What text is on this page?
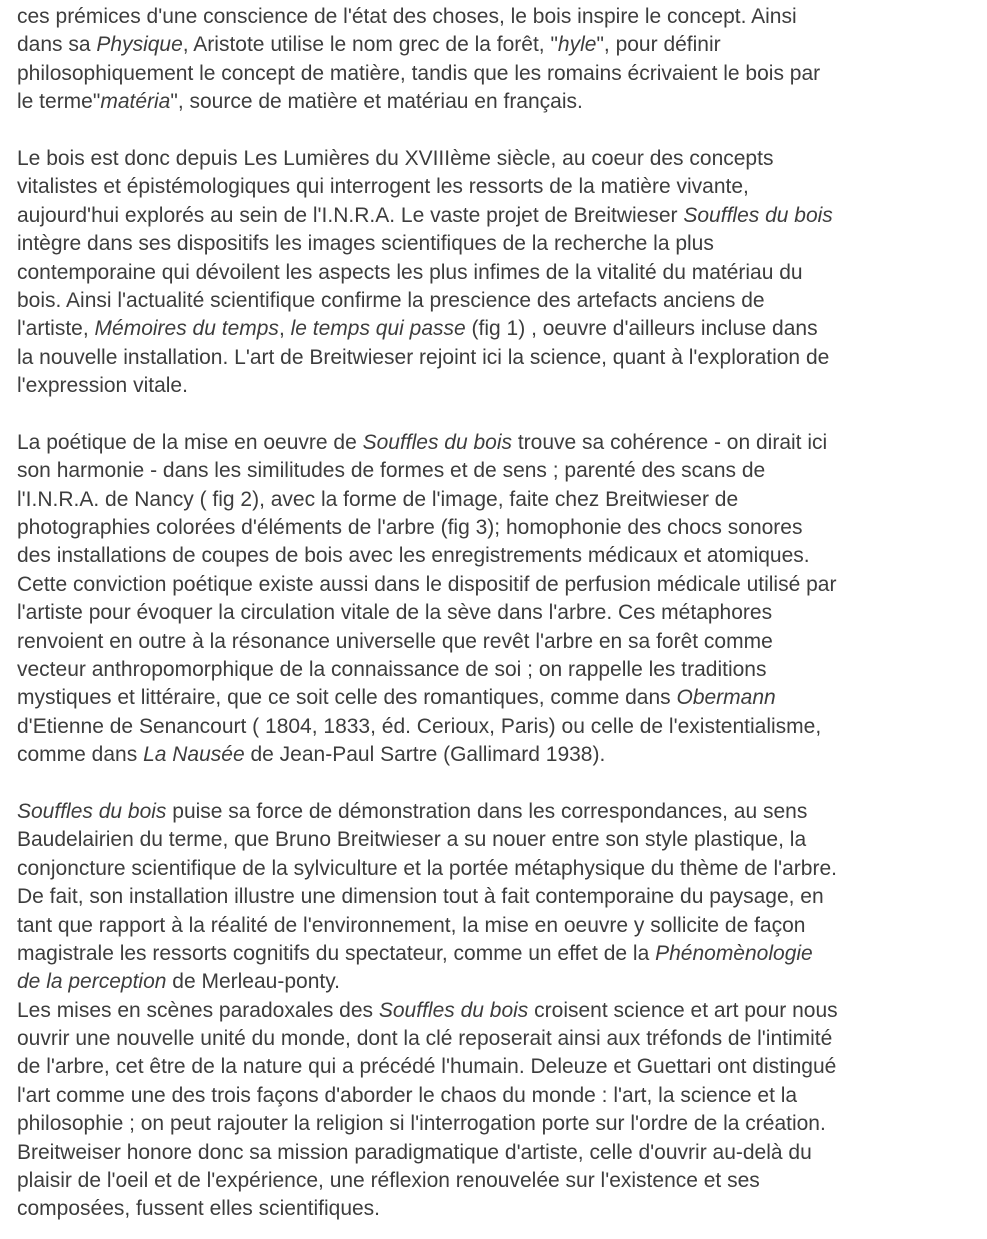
ces prémices d'une conscience de l'état des choses, le bois inspire le concept. Ainsi
dans sa Physique, Aristote utilise le nom grec de la forêt, "hyle", pour définir
philosophiquement le concept de matière, tandis que les romains écrivaient le bois par
le terme"matéria", source de matière et matériau en français.
Le bois est donc depuis Les Lumières du XVIIIème siècle, au coeur des concepts
vitalistes et épistémologiques qui interrogent les ressorts de la matière vivante,
aujourd'hui explorés au sein de l'I.N.R.A. Le vaste projet de Breitwieser Souffles du bois
intègre dans ses dispositifs les images scientifiques de la recherche la plus
contemporaine qui dévoilent les aspects les plus infimes de la vitalité du matériau du
bois. Ainsi l'actualité scientifique confirme la prescience des artefacts anciens de
l'artiste, Mémoires du temps, le temps qui passe (fig 1) , oeuvre d'ailleurs incluse dans
la nouvelle installation. L'art de Breitwieser rejoint ici la science, quant à l'exploration de
l'expression vitale.
La poétique de la mise en oeuvre de Souffles du bois trouve sa cohérence - on dirait ici
son harmonie - dans les similitudes de formes et de sens ; parenté des scans de
l'I.N.R.A. de Nancy ( fig 2), avec la forme de l'image, faite chez Breitwieser de
photographies colorées d'éléments de l'arbre (fig 3); homophonie des chocs sonores
des installations de coupes de bois avec les enregistrements médicaux et atomiques.
Cette conviction poétique existe aussi dans le dispositif de perfusion médicale utilisé par
l'artiste pour évoquer la circulation vitale de la sève dans l'arbre. Ces métaphores
renvoient en outre à la résonance universelle que revêt l'arbre en sa forêt comme
vecteur anthropomorphique de la connaissance de soi ; on rappelle les traditions
mystiques et littéraire, que ce soit celle des romantiques, comme dans Obermann
d'Etienne de Senancourt ( 1804, 1833, éd. Cerioux, Paris) ou celle de l'existentialisme,
comme dans La Nausée de Jean-Paul Sartre (Gallimard 1938).
Souffles du bois puise sa force de démonstration dans les correspondances, au sens
Baudelairien du terme, que Bruno Breitwieser a su nouer entre son style plastique, la
conjoncture scientifique de la sylviculture et la portée métaphysique du thème de l'arbre.
De fait, son installation illustre une dimension tout à fait contemporaine du paysage, en
tant que rapport à la réalité de l'environnement, la mise en oeuvre y sollicite de façon
magistrale les ressorts cognitifs du spectateur, comme un effet de la Phénomènologie
de la perception de Merleau-ponty.
Les mises en scènes paradoxales des Souffles du bois croisent science et art pour nous
ouvrir une nouvelle unité du monde, dont la clé reposerait ainsi aux tréfonds de l'intimité
de l'arbre, cet être de la nature qui a précédé l'humain. Deleuze et Guettari ont distingué
l'art comme une des trois façons d'aborder le chaos du monde : l'art, la science et la
philosophie ; on peut rajouter la religion si l'interrogation porte sur l'ordre de la création.
Breitweiser honore donc sa mission paradigmatique d'artiste, celle d'ouvrir au-delà du
plaisir de l'oeil et de l'expérience, une réflexion renouvelée sur l'existence et ses
composées, fussent elles scientifiques.
